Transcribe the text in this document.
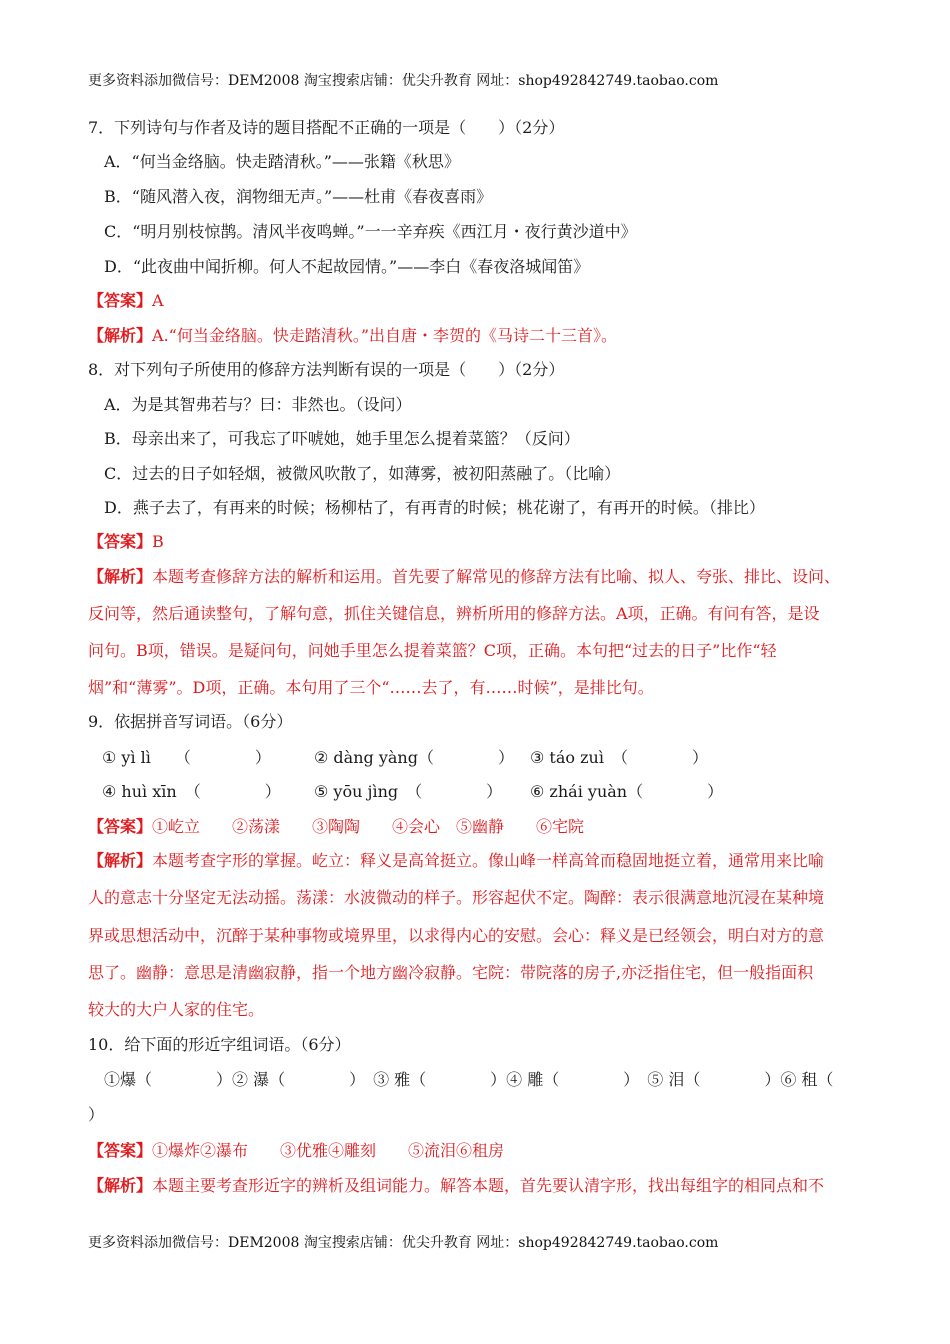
更多资料添加微信号：DEM2008 淘宝搜索店铺：优尖升教育 网址：shop492842749.taobao.com
7．下列诗句与作者及诗的题目搭配不正确的一项是（　　）（2分）
A．“何当金络脑。快走踏清秋。”——张籍《秋思》
B．“随风潜入夜，润物细无声。”——杜甫《春夜喜雨》
C．“明月别枝惊鹊。清风半夜鸣蝉。”一一辛弃疾《西江月・夜行黄沙道中》
D．“此夜曲中闻折柳。何人不起故园情。”——李白《春夜洛城闻笛》
【答案】A
【解析】A.“何当金络脑。快走踏清秋。”出自唐・李贺的《马诗二十三首》。
8．对下列句子所使用的修辞方法判断有误的一项是（　　）（2分）
A．为是其智弗若与？曰：非然也。（设问）
B．母亲出来了，可我忘了吓唬她，她手里怎么提着菜篮？（反问）
C．过去的日子如轻烟，被微风吹散了，如薄雾，被初阳蒸融了。（比喻）
D．燕子去了，有再来的时候；杨柳枯了，有再青的时候；桃花谢了，有再开的时候。（排比）
【答案】B
【解析】本题考查修辞方法的解析和运用。首先要了解常见的修辞方法有比喻、拟人、夸张、排比、设问、
反问等，然后通读整句，了解句意，抓住关键信息，辨析所用的修辞方法。A项，正确。有问有答，是设
问句。B项，错误。是疑问句，问她手里怎么提着菜篮？C项，正确。本句把“过去的日子”比作“轻
烟”和“薄雾”。D项，正确。本句用了三个“……去了，有……时候”，是排比句。
9．依据拼音写词语。（6分）
① yì lì　　（　　　　）	② dàng yàng（　　　　） ③ táo zuì　（　　　　）
④ huì xīn　（　　　　） ⑤ yōu jìng　（　　　　） ⑥ zhái yuàn（　　　　）
【答案】①屹立　　②荡漾　　③陶陶　　④会心　⑤幽静　　⑥宅院
【解析】本题考查字形的掌握。屹立：释义是高耸挺立。像山峰一样高耸而稳固地挺立着，通常用来比喻
人的意志十分坚定无法动摇。荡漾：水波微动的样子。形容起伏不定。陶醉：表示很满意地沉浸在某种境
界或思想活动中，沉醉于某种事物或境界里，以求得内心的安慰。会心：释义是已经领会，明白对方的意
思了。幽静：意思是清幽寂静，指一个地方幽冷寂静。宅院：带院落的房子,亦泛指住宅，但一般指面积
较大的大户人家的住宅。
10．给下面的形近字组词语。（6分）
①爆（　　　　）② 瀑（　　　　）　③ 雅（　　　　）④ 雕（　　　　）　⑤ 泪（　　　　）⑥ 租（
）
【答案】①爆炸②瀑布　　③优雅④雕刻　　⑤流泪⑥租房
【解析】本题主要考查形近字的辨析及组词能力。解答本题，首先要认清字形，找出每组字的相同点和不
更多资料添加微信号：DEM2008 淘宝搜索店铺：优尖升教育 网址：shop492842749.taobao.com
